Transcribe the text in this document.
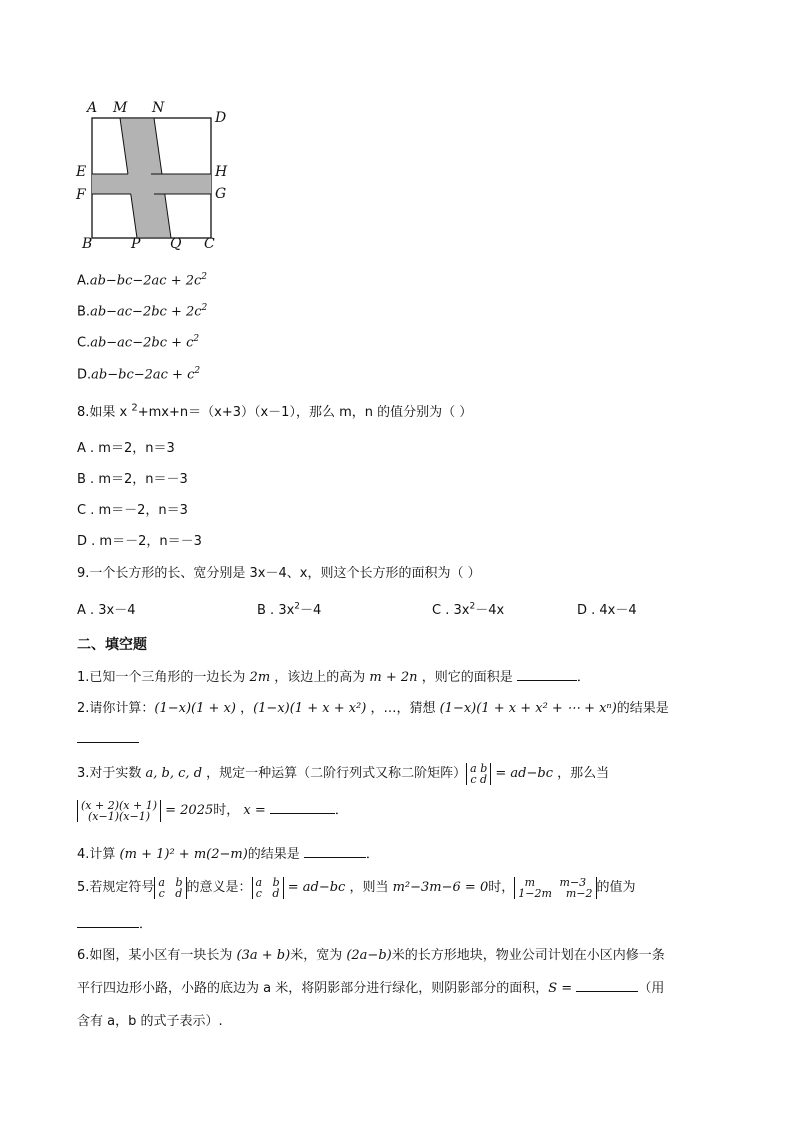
A M N
D
E	H
F	G
B	P Q C
$A.ab-bc-2ac + 2c^2$
$B.ab-ac-2bc + 2c^2$
$C.ab-ac-2bc + c^2$
$D.ab-bc-2ac + c^2$
8.如果 x $^2$+mx+n＝（x+3）（x－1），那么 m，n 的值分别为（ ）
A . m＝2，n＝3
B . m＝2，n＝－3
C . m＝－2，n＝3
D . m＝－2，n＝－3
9.一个长方形的长、宽分别是 3x－4、x，则这个长方形的面积为（ ）
A . 3x－4	B . $3x^2-4$	C . $3x^2-4x$	D . 4x－4
二、填空题
1.已知一个三角形的一边长为 2m ，该边上的高为 m + 2n ，则它的面积是	．
2.请你计算：(1−x)(1 + x) ，(1−x)(1 + x + x²) ，…，猜想 (1−x)(1 + x + x² + ⋯ + xⁿ)的结果是
3.对于实数 a, b, c, d ，规定一种运算（二阶行列式又称二阶矩阵） a b
c d = ad−bc ，那么当
(x + 2)(x + 1)
(x−1)(x−1) = 2025时， x =	．
4.计算 (m + 1)² + m(2−m)的结果是	．
5.若规定符号 a   b
c   d 的意义是： a   b
c   d = ad−bc ，则当 m²−3m−6 = 0时， m       m−3
1−2m    m−2 的值为
．
6.如图，某小区有一块长为 (3a + b)米，宽为 (2a−b)米的长方形地块，物业公司计划在小区内修一条
平行四边形小路，小路的底边为 a 米，将阴影部分进行绿化，则阴影部分的面积，S =	（用
含有 a，b 的式子表示）.
